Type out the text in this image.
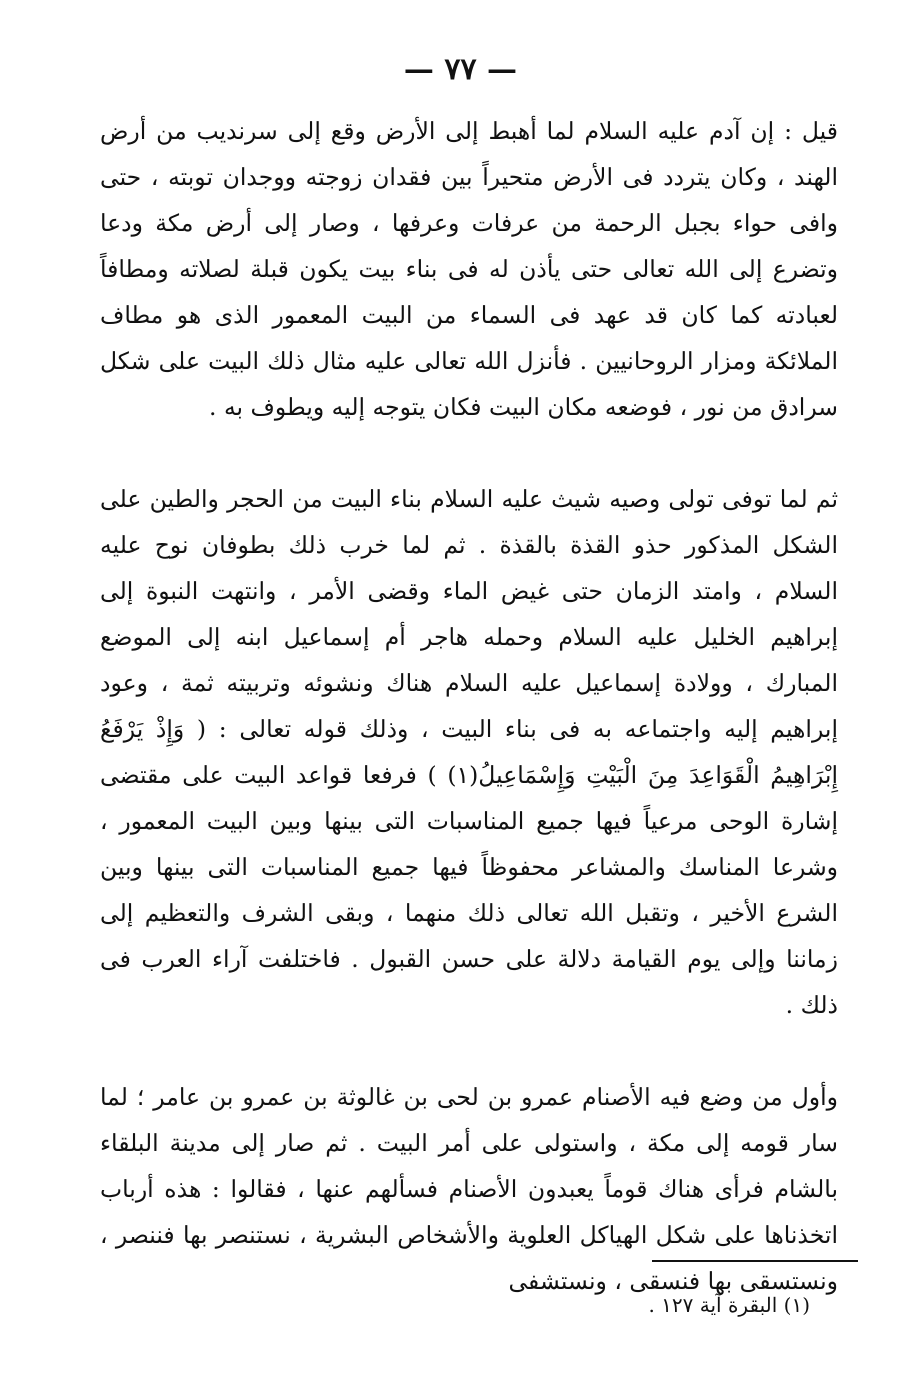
— ٧٧ —

قيل : إن آدم عليه السلام لما أهبط إلى الأرض وقع إلى سرنديب من أرض الهند ، وكان يتردد فى الأرض متحيراً بين فقدان زوجته ووجدان توبته ، حتى وافى حواء بجبل الرحمة من عرفات وعرفها ، وصار إلى أرض مكة ودعا وتضرع إلى الله تعالى حتى يأذن له فى بناء بيت يكون قبلة لصلاته ومطافاً لعبادته كما كان قد عهد فى السماء من البيت المعمور الذى هو مطاف الملائكة ومزار الروحانيين . فأنزل الله تعالى عليه مثال ذلك البيت على شكل سرادق من نور ، فوضعه مكان البيت فكان يتوجه إليه ويطوف به .

ثم لما توفى تولى وصيه شيث عليه السلام بناء البيت من الحجر والطين على الشكل المذكور حذو القذة بالقذة . ثم لما خرب ذلك بطوفان نوح عليه السلام ، وامتد الزمان حتى غيض الماء وقضى الأمر ، وانتهت النبوة إلى إبراهيم الخليل عليه السلام وحمله هاجر أم إسماعيل ابنه إلى الموضع المبارك ، وولادة إسماعيل عليه السلام هناك ونشوئه وتربيته ثمة ، وعود إبراهيم إليه واجتماعه به فى بناء البيت ، وذلك قوله تعالى : ( وَإِذْ يَرْفَعُ إِبْرَاهِيمُ الْقَوَاعِدَ مِنَ الْبَيْتِ وَإِسْمَاعِيلُ(١) ) فرفعا قواعد البيت على مقتضى إشارة الوحى مرعياً فيها جميع المناسبات التى بينها وبين البيت المعمور ، وشرعا المناسك والمشاعر محفوظاً فيها جميع المناسبات التى بينها وبين الشرع الأخير ، وتقبل الله تعالى ذلك منهما ، وبقى الشرف والتعظيم إلى زماننا وإلى يوم القيامة دلالة على حسن القبول . فاختلفت آراء العرب فى ذلك .

وأول من وضع فيه الأصنام عمرو بن لحى بن غالوثة بن عمرو بن عامر ؛ لما سار قومه إلى مكة ، واستولى على أمر البيت . ثم صار إلى مدينة البلقاء بالشام فرأى هناك قوماً يعبدون الأصنام فسألهم عنها ، فقالوا : هذه أرباب اتخذناها على شكل الهياكل العلوية والأشخاص البشرية ، نستنصر بها فننصر ، ونستسقى بها فنسقى ، ونستشفى

(١) البقرة آية ١٢٧ .
